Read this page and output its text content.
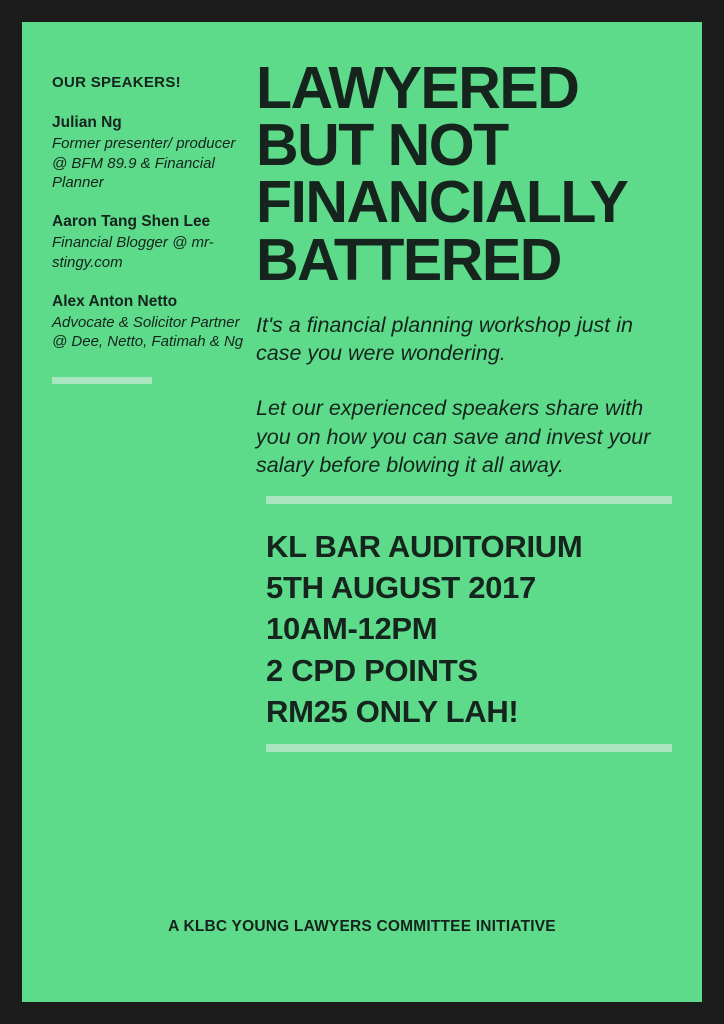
OUR SPEAKERS!
Julian Ng
Former presenter/ producer @ BFM 89.9 & Financial Planner
Aaron Tang Shen Lee
Financial Blogger @ mr-stingy.com
Alex Anton Netto
Advocate & Solicitor Partner @ Dee, Netto, Fatimah & Ng
LAWYERED
BUT NOT
FINANCIALLY
BATTERED

It's a financial planning workshop just in case you were wondering.

Let our experienced speakers share with you on how you can save and invest your salary before blowing it all away.

KL BAR AUDITORIUM
5TH AUGUST 2017
10AM-12PM
2 CPD POINTS
RM25 ONLY LAH!
A KLBC YOUNG LAWYERS COMMITTEE INITIATIVE
